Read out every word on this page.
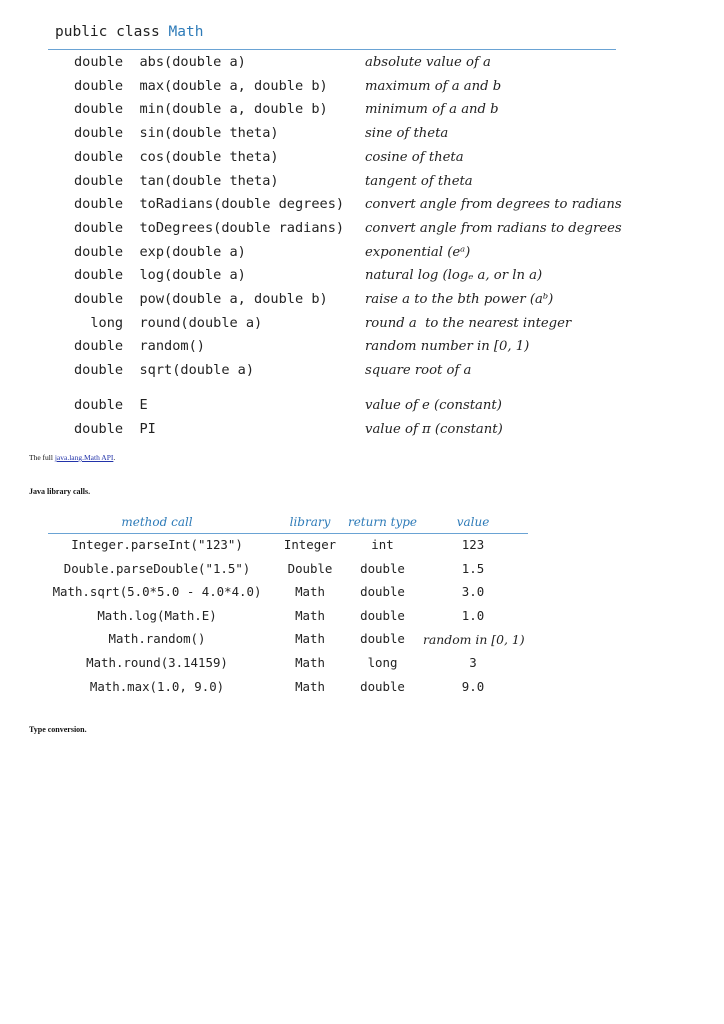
public class Math
double  abs(double a)	absolute value of a
double  max(double a, double b)	maximum of a and b
double  min(double a, double b)	minimum of a and b
double  sin(double theta)	sine of theta
double  cos(double theta)	cosine of theta
double  tan(double theta)	tangent of theta
double  toRadians(double degrees) convert angle from degrees to radians
double  toDegrees(double radians) convert angle from radians to degrees
double  exp(double a)	exponential (eᵃ)
double  log(double a)	natural log (logₑ a, or ln a)
double  pow(double a, double b)	raise a to the bth power (aᵇ)
long  round(double a)	round a  to the nearest integer
double  random()	random number in [0, 1)
double  sqrt(double a)	square root of a
double  E	value of e (constant)
double  PI	value of π (constant)
The full java.lang.Math API.
Java library calls.
method call	library	return type	value
Integer.parseInt("123")	Integer	int	123
Double.parseDouble("1.5")	Double	double	1.5
Math.sqrt(5.0*5.0 - 4.0*4.0)	Math	double	3.0
Math.log(Math.E)	Math	double	1.0
Math.random()	Math	double	random in [0, 1)
Math.round(3.14159)	Math	long	3
Math.max(1.0, 9.0)	Math	double	9.0
Type conversion.
